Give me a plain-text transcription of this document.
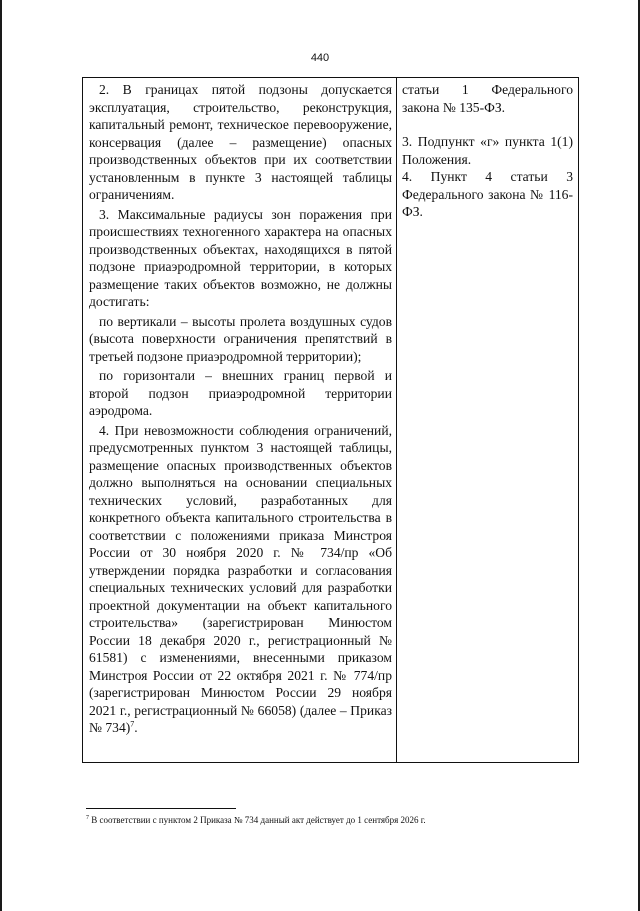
440

2. В границах пятой подзоны допускается эксплуатация, строительство, реконструкция, капитальный ремонт, техническое перевооружение, консервация (далее – размещение) опасных производственных объектов при их соответствии установленным в пункте 3 настоящей таблицы ограничениям.

3. Максимальные радиусы зон поражения при происшествиях техногенного характера на опасных производственных объектах, находящихся в пятой подзоне приаэродромной территории, в которых размещение таких объектов возможно, не должны достигать:

по вертикали – высоты пролета воздушных судов (высота поверхности ограничения препятствий в третьей подзоне приаэродромной территории);

по горизонтали – внешних границ первой и второй подзон приаэродромной территории аэродрома.

4. При невозможности соблюдения ограничений, предусмотренных пунктом 3 настоящей таблицы, размещение опасных производственных объектов должно выполняться на основании специальных технических условий, разработанных для конкретного объекта капитального строительства в соответствии с положениями приказа Минстроя России от 30 ноября 2020 г. № 734/пр «Об утверждении порядка разработки и согласования специальных технических условий для разработки проектной документации на объект капитального строительства» (зарегистрирован Минюстом России 18 декабря 2020 г., регистрационный № 61581) с изменениями, внесенными приказом Минстроя России от 22 октября 2021 г. № 774/пр (зарегистрирован Минюстом России 29 ноября 2021 г., регистрационный № 66058) (далее – Приказ № 734)$^7$.

статьи 1 Федерального закона № 135-ФЗ.

3. Подпункт «г» пункта 1(1) Положения.

4. Пункт 4 статьи 3 Федерального закона № 116-ФЗ.

$^7$ В соответствии с пунктом 2 Приказа № 734 данный акт действует до 1 сентября 2026 г.
